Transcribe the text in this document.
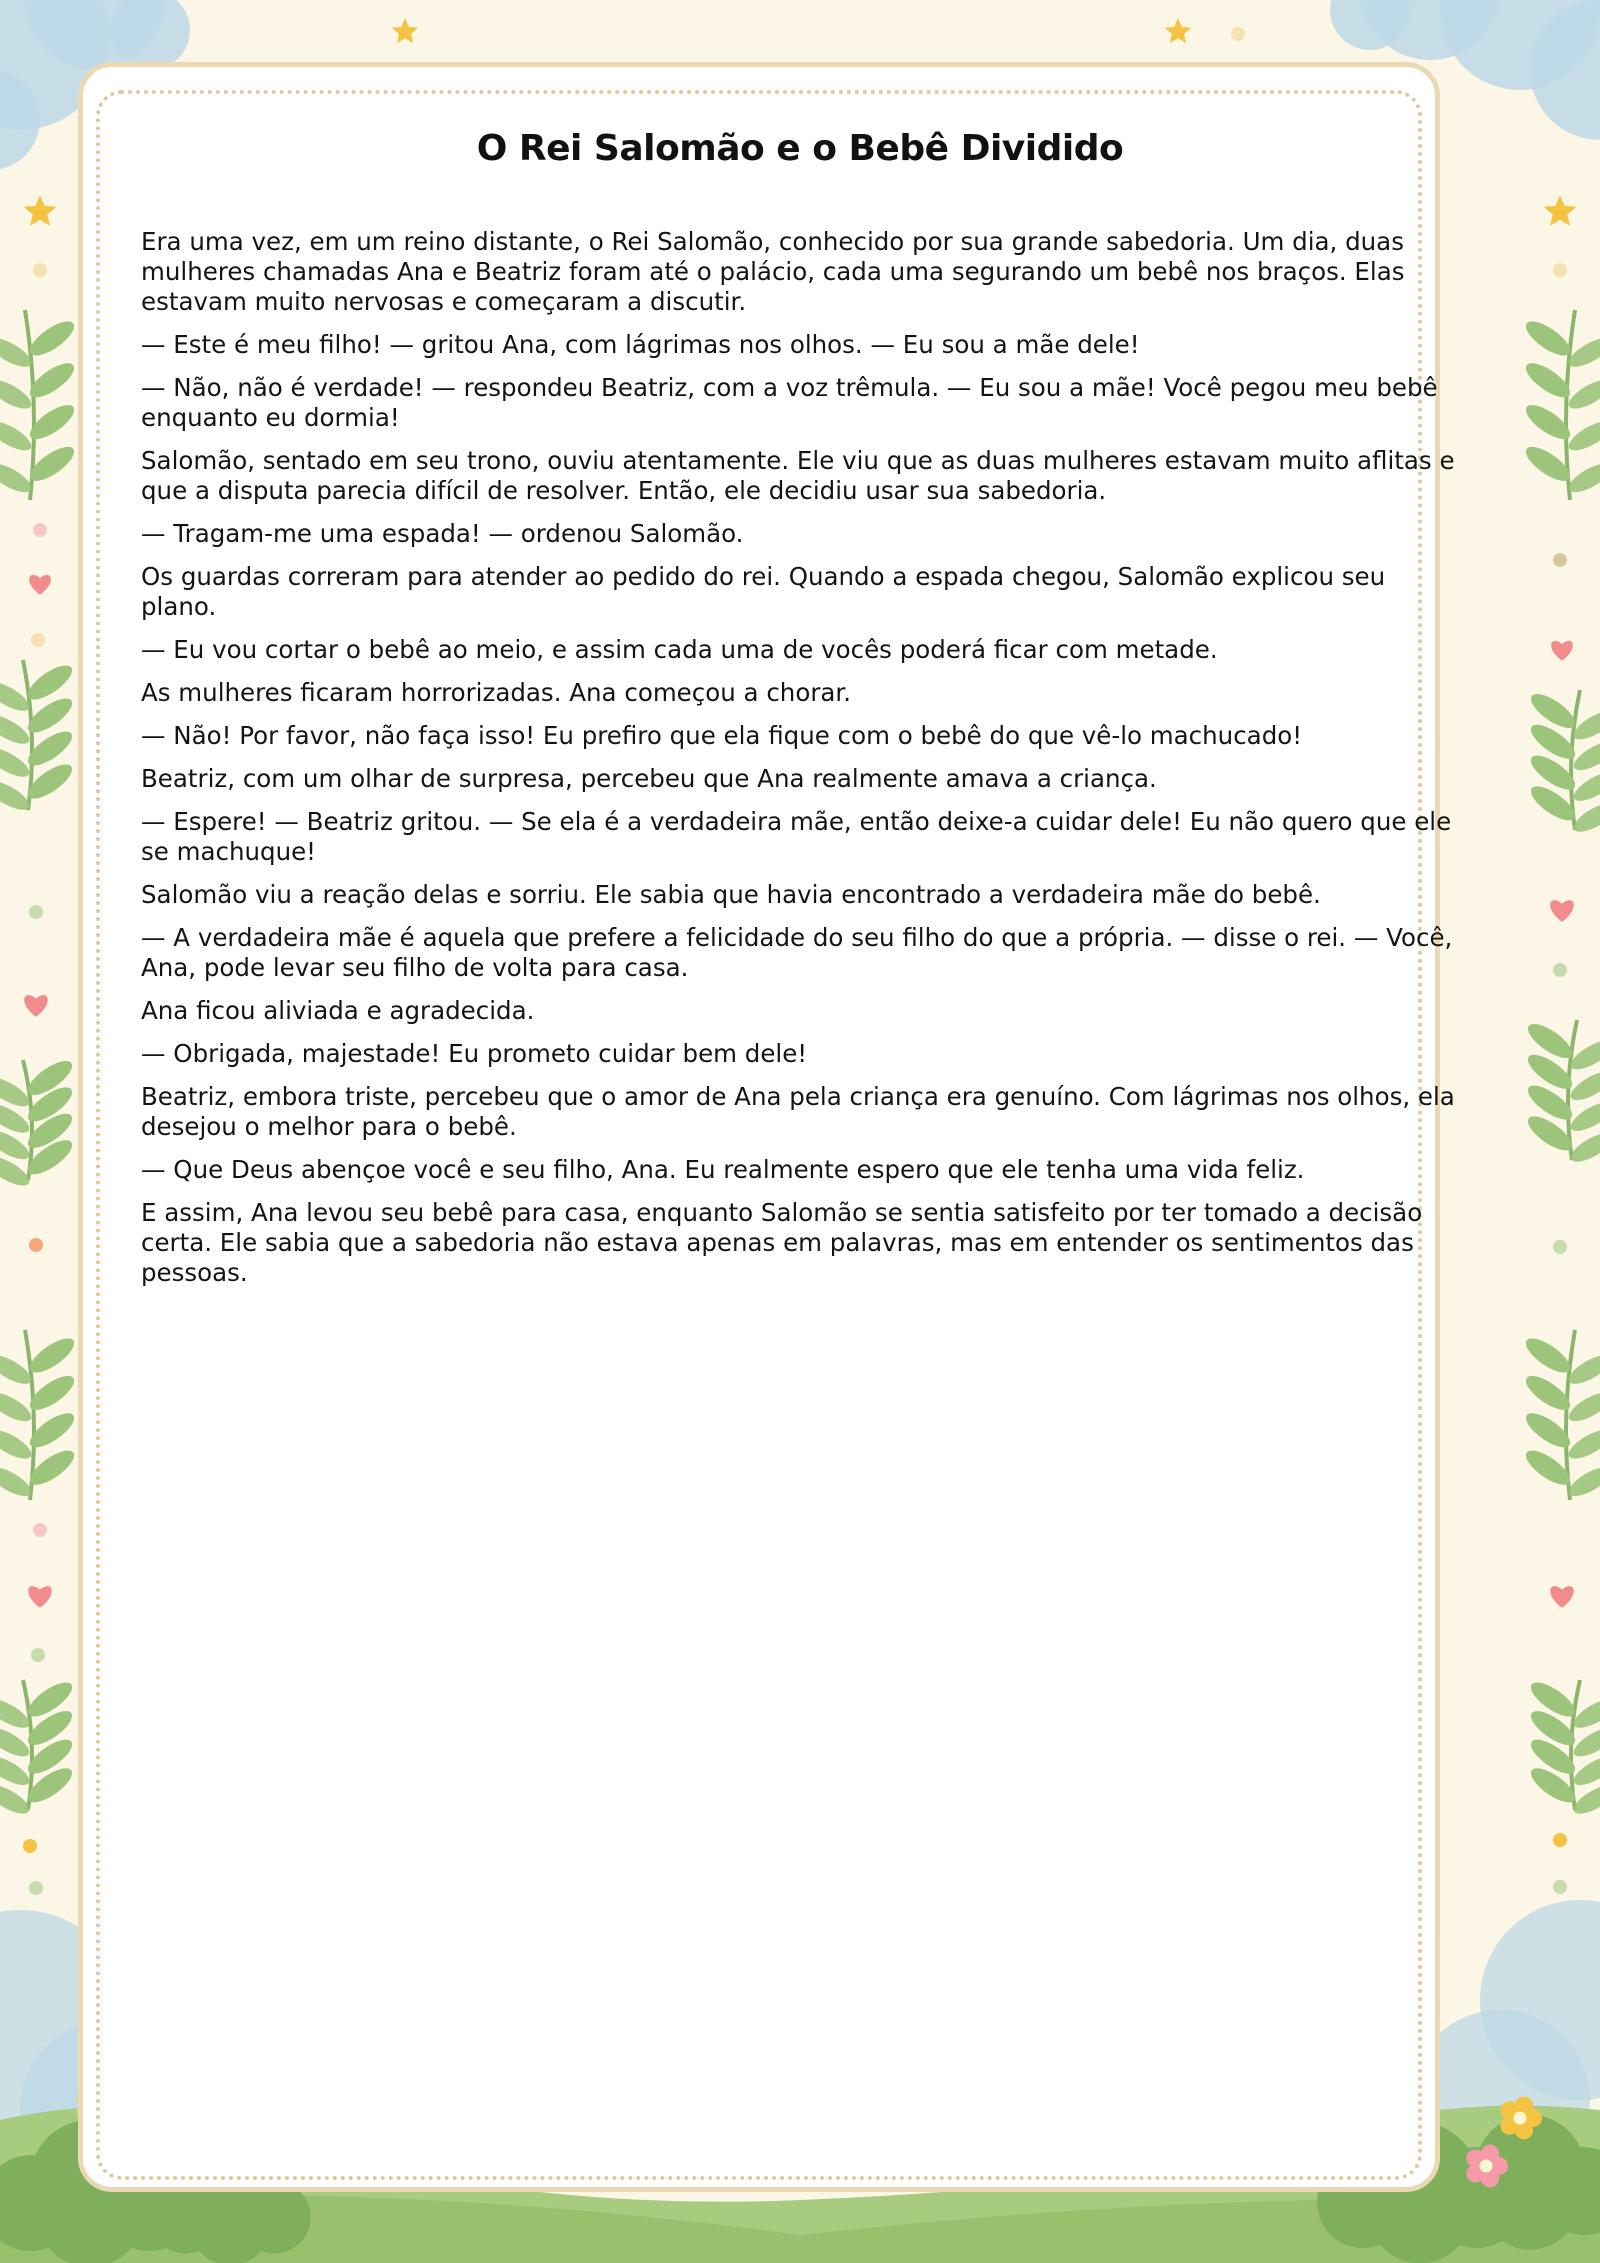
O Rei Salomão e o Bebê Dividido

Era uma vez, em um reino distante, o Rei Salomão, conhecido por sua grande sabedoria. Um dia, duas mulheres chamadas Ana e Beatriz foram até o palácio, cada uma segurando um bebê nos braços. Elas estavam muito nervosas e começaram a discutir.

— Este é meu filho! — gritou Ana, com lágrimas nos olhos. — Eu sou a mãe dele!

— Não, não é verdade! — respondeu Beatriz, com a voz trêmula. — Eu sou a mãe! Você pegou meu bebê enquanto eu dormia!

Salomão, sentado em seu trono, ouviu atentamente. Ele viu que as duas mulheres estavam muito aflitas e que a disputa parecia difícil de resolver. Então, ele decidiu usar sua sabedoria.

— Tragam-me uma espada! — ordenou Salomão.

Os guardas correram para atender ao pedido do rei. Quando a espada chegou, Salomão explicou seu plano.

— Eu vou cortar o bebê ao meio, e assim cada uma de vocês poderá ficar com metade.

As mulheres ficaram horrorizadas. Ana começou a chorar.

— Não! Por favor, não faça isso! Eu prefiro que ela fique com o bebê do que vê-lo machucado!

Beatriz, com um olhar de surpresa, percebeu que Ana realmente amava a criança.

— Espere! — Beatriz gritou. — Se ela é a verdadeira mãe, então deixe-a cuidar dele! Eu não quero que ele se machuque!

Salomão viu a reação delas e sorriu. Ele sabia que havia encontrado a verdadeira mãe do bebê.

— A verdadeira mãe é aquela que prefere a felicidade do seu filho do que a própria. — disse o rei. — Você, Ana, pode levar seu filho de volta para casa.

Ana ficou aliviada e agradecida.

— Obrigada, majestade! Eu prometo cuidar bem dele!

Beatriz, embora triste, percebeu que o amor de Ana pela criança era genuíno. Com lágrimas nos olhos, ela desejou o melhor para o bebê.

— Que Deus abençoe você e seu filho, Ana. Eu realmente espero que ele tenha uma vida feliz.

E assim, Ana levou seu bebê para casa, enquanto Salomão se sentia satisfeito por ter tomado a decisão certa. Ele sabia que a sabedoria não estava apenas em palavras, mas em entender os sentimentos das pessoas.
